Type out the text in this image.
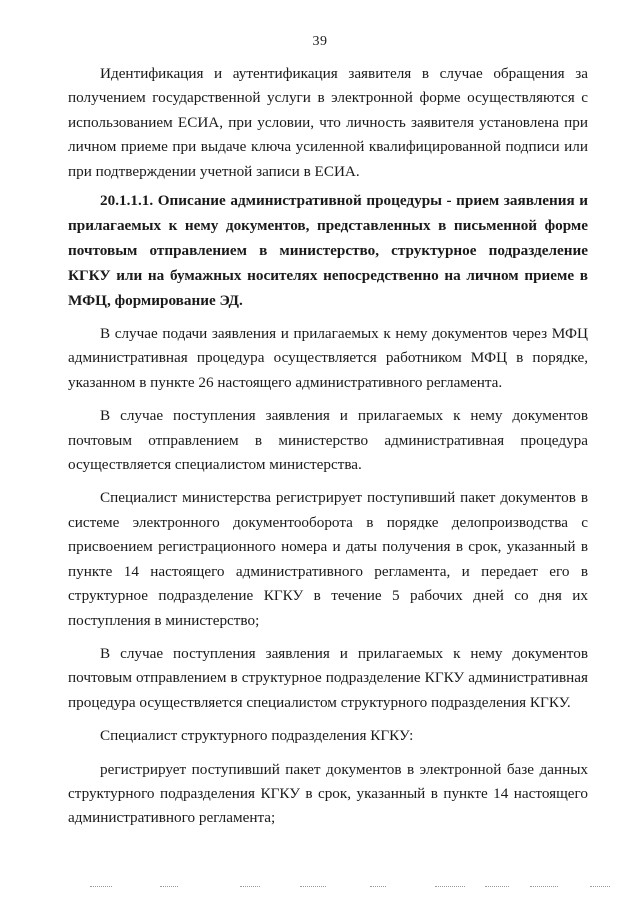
39

Идентификация и аутентификация заявителя в случае обращения за получением государственной услуги в электронной форме осуществляются с использованием ЕСИА, при условии, что личность заявителя установлена при личном приеме при выдаче ключа усиленной квалифицированной подписи или при подтверждении учетной записи в ЕСИА.

20.1.1.1. Описание административной процедуры - прием заявления и прилагаемых к нему документов, представленных в письменной форме почтовым отправлением в министерство, структурное подразделение КГКУ или на бумажных носителях непосредственно на личном приеме в МФЦ, формирование ЭД.

В случае подачи заявления и прилагаемых к нему документов через МФЦ административная процедура осуществляется работником МФЦ в порядке, указанном в пункте 26 настоящего административного регламента.

В случае поступления заявления и прилагаемых к нему документов почтовым отправлением в министерство административная процедура осуществляется специалистом министерства.

Специалист министерства регистрирует поступивший пакет документов в системе электронного документооборота в порядке делопроизводства с присвоением регистрационного номера и даты получения в срок, указанный в пункте 14 настоящего административного регламента, и передает его в структурное подразделение КГКУ в течение 5 рабочих дней со дня их поступления в министерство;

В случае поступления заявления и прилагаемых к нему документов почтовым отправлением в структурное подразделение КГКУ административная процедура осуществляется специалистом структурного подразделения КГКУ.

Специалист структурного подразделения КГКУ:

регистрирует поступивший пакет документов в электронной базе данных структурного подразделения КГКУ в срок, указанный в пункте 14 настоящего административного регламента;
